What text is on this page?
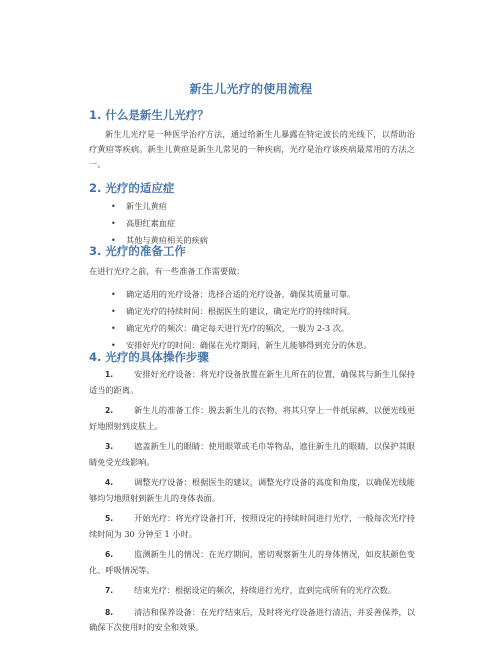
新生儿光疗的使用流程
1. 什么是新生儿光疗？
新生儿光疗是一种医学治疗方法，通过给新生儿暴露在特定波长的光线下，以帮助治疗黄疸等疾病。新生儿黄疸是新生儿常见的一种疾病，光疗是治疗该疾病最常用的方法之一。
2. 光疗的适应症
• 新生儿黄疸
• 高胆红素血症
• 其他与黄疸相关的疾病
3. 光疗的准备工作
在进行光疗之前，有一些准备工作需要做：
• 确定适用的光疗设备：选择合适的光疗设备，确保其质量可靠。
• 确定光疗的持续时间：根据医生的建议，确定光疗的持续时间。
• 确定光疗的频次：确定每天进行光疗的频次，一般为 2-3 次。
• 安排好光疗的时间：确保在光疗期间，新生儿能够得到充分的休息。
4. 光疗的具体操作步骤
1.	安排好光疗设备：将光疗设备放置在新生儿所在的位置，确保其与新生儿保持适当的距离。
2.	新生儿的准备工作：脱去新生儿的衣物，将其只穿上一件纸尿裤，以便光线更好地照射到皮肤上。
3.	遮盖新生儿的眼睛：使用眼罩或毛巾等物品，遮住新生儿的眼睛，以保护其眼睛免受光线影响。
4.	调整光疗设备：根据医生的建议，调整光疗设备的高度和角度，以确保光线能够均匀地照射到新生儿的身体表面。
5.	开始光疗：将光疗设备打开，按照设定的持续时间进行光疗，一般每次光疗持续时间为 30 分钟至 1 小时。
6.	监测新生儿的情况：在光疗期间，密切观察新生儿的身体情况，如皮肤颜色变化、呼吸情况等。
7.	结束光疗：根据设定的频次，持续进行光疗，直到完成所有的光疗次数。
8.	清洁和保养设备：在光疗结束后，及时将光疗设备进行清洁，并妥善保养，以确保下次使用时的安全和效果。
